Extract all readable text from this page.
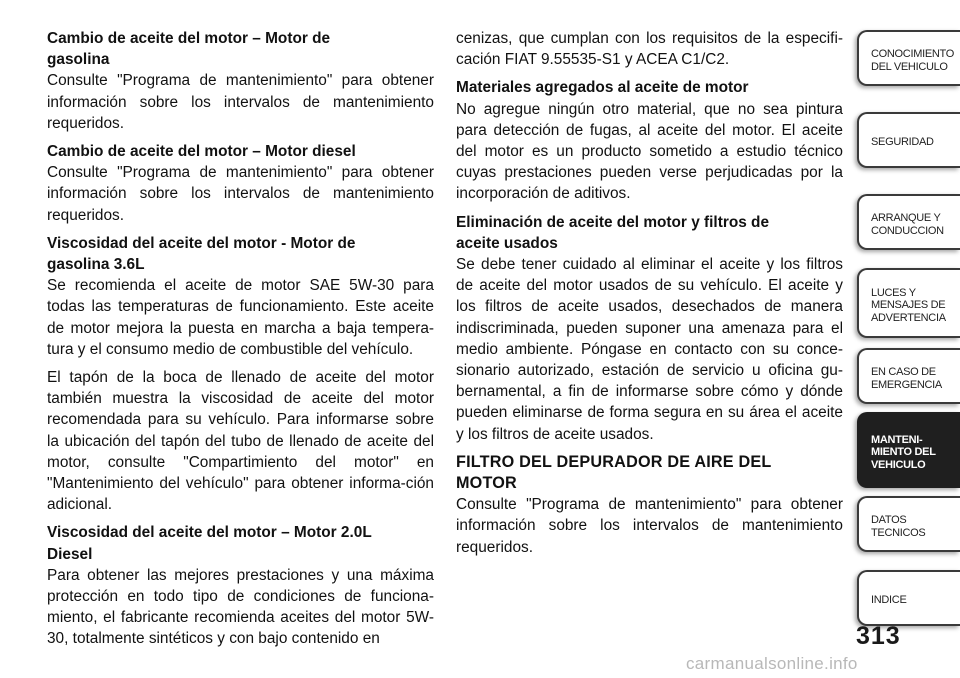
Cambio de aceite del motor – Motor de
gasolina

Consulte "Programa de mantenimiento" para obtener información sobre los intervalos de mantenimiento requeridos.

Cambio de aceite del motor – Motor diesel

Consulte "Programa de mantenimiento" para obtener información sobre los intervalos de mantenimiento requeridos.

Viscosidad del aceite del motor - Motor de
gasolina 3.6L

Se recomienda el aceite de motor SAE 5W-30 para todas las temperaturas de funcionamiento. Este aceite de motor mejora la puesta en marcha a baja tempera-tura y el consumo medio de combustible del vehículo.

El tapón de la boca de llenado de aceite del motor también muestra la viscosidad de aceite del motor recomendada para su vehículo. Para informarse sobre la ubicación del tapón del tubo de llenado de aceite del motor, consulte "Compartimiento del motor" en "Mantenimiento del vehículo" para obtener informa-ción adicional.

Viscosidad del aceite del motor – Motor 2.0L
Diesel

Para obtener las mejores prestaciones y una máxima protección en todo tipo de condiciones de funciona-miento, el fabricante recomienda aceites del motor 5W-30, totalmente sintéticos y con bajo contenido en

cenizas, que cumplan con los requisitos de la especifi-cación FIAT 9.55535-S1 y ACEA C1/C2.

Materiales agregados al aceite de motor

No agregue ningún otro material, que no sea pintura para detección de fugas, al aceite del motor. El aceite del motor es un producto sometido a estudio técnico cuyas prestaciones pueden verse perjudicadas por la incorporación de aditivos.

Eliminación de aceite del motor y filtros de
aceite usados

Se debe tener cuidado al eliminar el aceite y los filtros de aceite del motor usados de su vehículo. El aceite y los filtros de aceite usados, desechados de manera indiscriminada, pueden suponer una amenaza para el medio ambiente. Póngase en contacto con su conce-sionario autorizado, estación de servicio u oficina gu-bernamental, a fin de informarse sobre cómo y dónde pueden eliminarse de forma segura en su área el aceite y los filtros de aceite usados.

FILTRO DEL DEPURADOR DE AIRE DEL
MOTOR

Consulte "Programa de mantenimiento" para obtener información sobre los intervalos de mantenimiento requeridos.

CONOCIMIENTO
DEL VEHICULO
SEGURIDAD
ARRANQUE Y
CONDUCCION
LUCES Y
MENSAJES DE
ADVERTENCIA
EN CASO DE
EMERGENCIA
MANTENI-
MIENTO DEL
VEHICULO
DATOS
TECNICOS
INDICE
313
carmanualsonline.info
